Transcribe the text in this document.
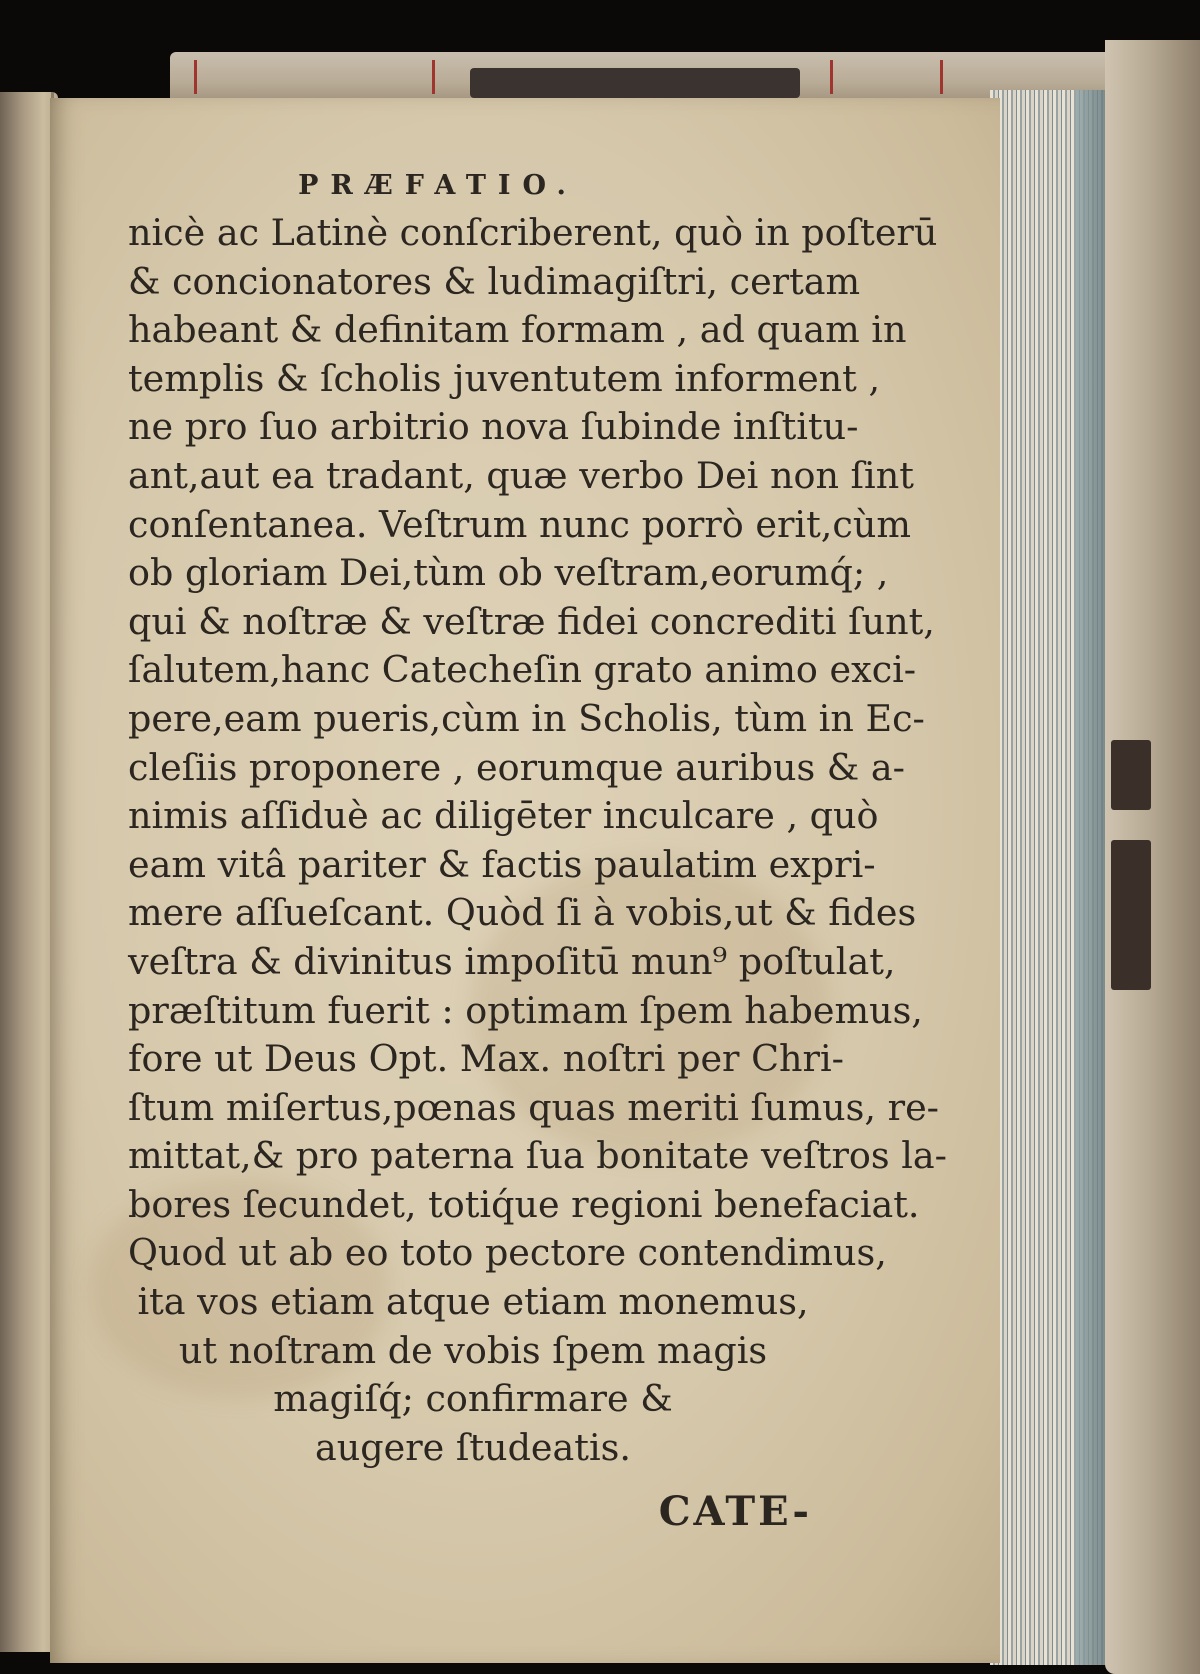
PRÆFATIO.
nicè ac Latinè conſcriberent, quò in poſterū
& concionatores & ludimagiſtri, certam
habeant & definitam formam , ad quam in
templis & ſcholis juventutem informent ,
ne pro ſuo arbitrio nova ſubinde inſtitu-
ant,aut ea tradant, quæ verbo Dei non ſint
conſentanea. Veſtrum nunc porrò erit,cùm
ob gloriam Dei,tùm ob veſtram,eorumq́; ,
qui & noſtræ & veſtræ fidei concrediti ſunt,
ſalutem,hanc Catecheſin grato animo exci-
pere,eam pueris,cùm in Scholis, tùm in Ec-
cleſiis proponere , eorumque auribus & a-
nimis aſſiduè ac diligēter inculcare , quò
eam vitâ pariter & factis paulatim expri-
mere aſſueſcant. Quòd ſi à vobis,ut & fides
veſtra & divinitus impoſitū mun⁹ poſtulat,
præſtitum fuerit : optimam ſpem habemus,
fore ut Deus Opt. Max. noſtri per Chri-
ſtum miſertus,pœnas quas meriti ſumus, re-
mittat,& pro paterna ſua bonitate veſtros la-
bores ſecundet, totiq́ue regioni benefaciat.
Quod ut ab eo toto pectore contendimus,
ita vos etiam atque etiam monemus,
ut noſtram de vobis ſpem magis
magiſq́; confirmare &
augere ſtudeatis.
CATE-
